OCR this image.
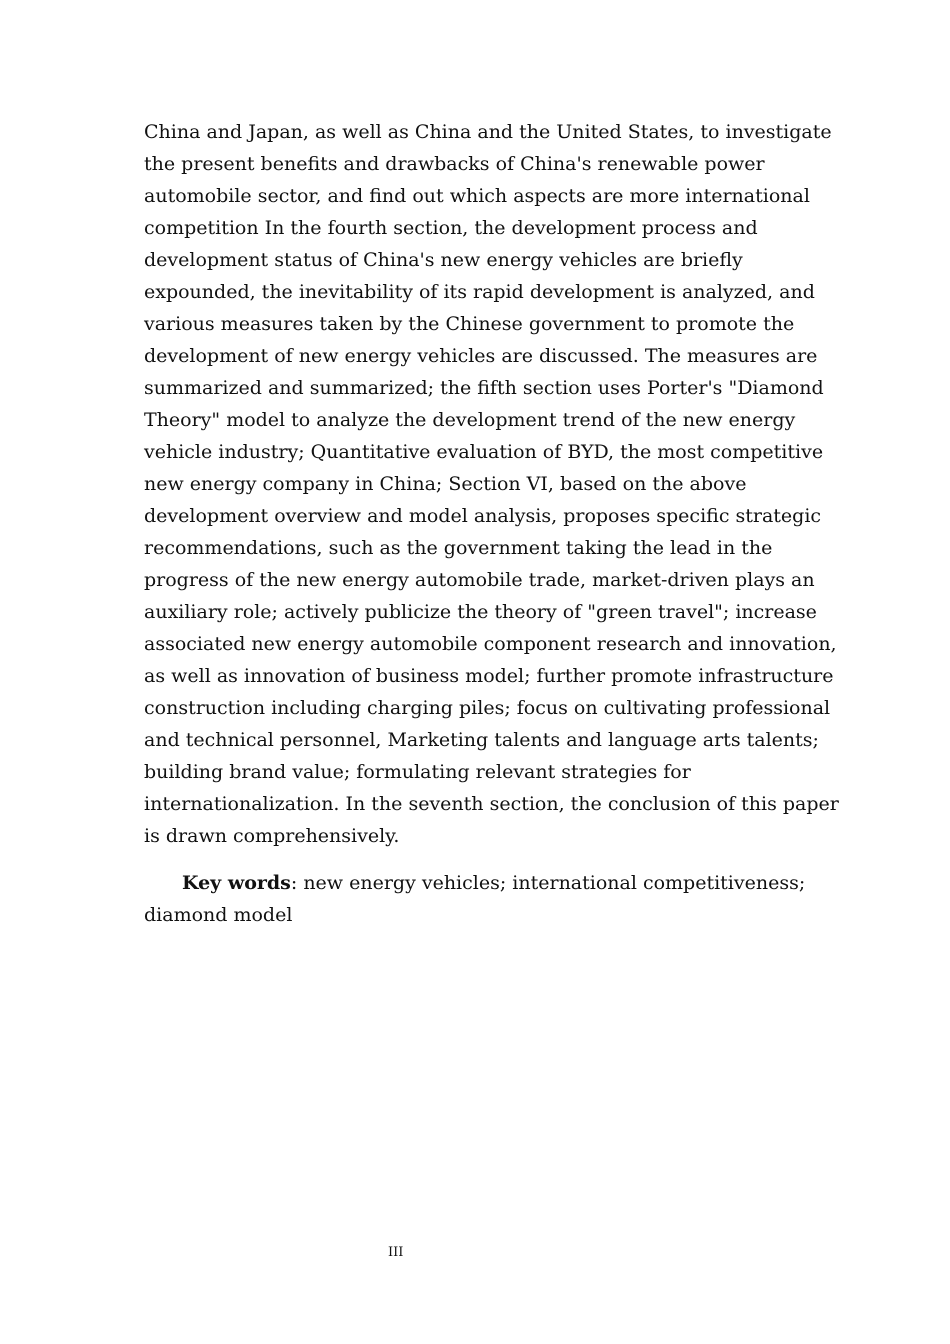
China and Japan, as well as China and the United States, to investigate
the present benefits and drawbacks of China's renewable power
automobile sector, and find out which aspects are more international
competition In the fourth section, the development process and
development status of China's new energy vehicles are briefly
expounded, the inevitability of its rapid development is analyzed, and
various measures taken by the Chinese government to promote the
development of new energy vehicles are discussed. The measures are
summarized and summarized; the fifth section uses Porter's "Diamond
Theory" model to analyze the development trend of the new energy
vehicle industry; Quantitative evaluation of BYD, the most competitive
new energy company in China; Section VI, based on the above
development overview and model analysis, proposes specific strategic
recommendations, such as the government taking the lead in the
progress of the new energy automobile trade, market-driven plays an
auxiliary role; actively publicize the theory of "green travel"; increase
associated new energy automobile component research and innovation,
as well as innovation of business model; further promote infrastructure
construction including charging piles; focus on cultivating professional
and technical personnel, Marketing talents and language arts talents;
building brand value; formulating relevant strategies for
internationalization. In the seventh section, the conclusion of this paper
is drawn comprehensively.

Key words: new energy vehicles; international competitiveness;
diamond model

III
